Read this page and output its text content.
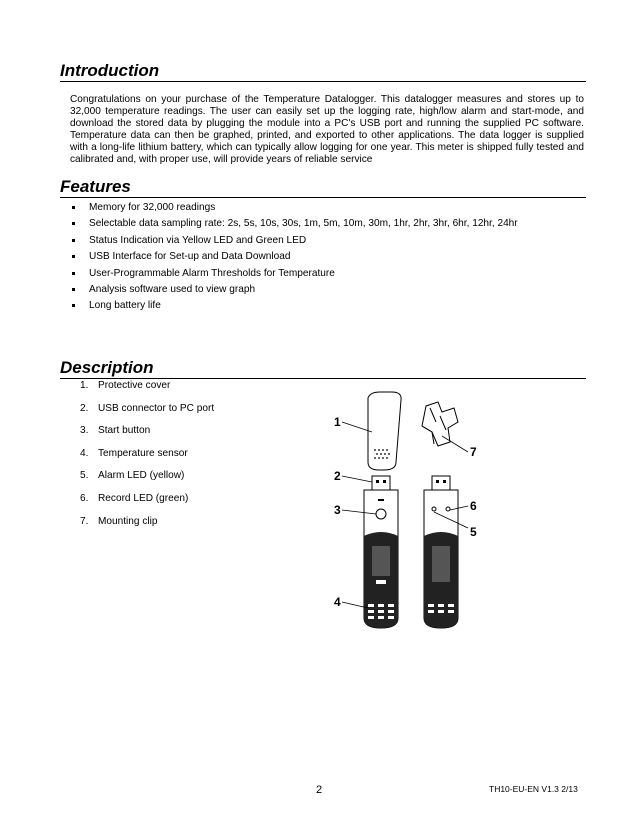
Introduction

Congratulations on your purchase of the Temperature Datalogger. This datalogger measures and stores up to 32,000 temperature readings. The user can easily set up the logging rate, high/low alarm and start-mode, and download the stored data by plugging the module into a PC's USB port and running the supplied PC software. Temperature data can then be graphed, printed, and exported to other applications. The data logger is supplied with a long-life lithium battery, which can typically allow logging for one year. This meter is shipped fully tested and calibrated and, with proper use, will provide years of reliable service

Features
Memory for 32,000 readings
Selectable data sampling rate: 2s, 5s, 10s, 30s, 1m, 5m, 10m, 30m, 1hr, 2hr, 3hr, 6hr, 12hr, 24hr
Status Indication via Yellow LED and Green LED
USB Interface for Set-up and Data Download
User-Programmable Alarm Thresholds for Temperature
Analysis software used to view graph
Long battery life
Description
1. Protective cover
2. USB connector to PC port
3. Start button
4. Temperature sensor
5. Alarm LED (yellow)
6. Record LED (green)
7. Mounting clip
1
2
3
4
5
6
7
2	TH10-EU-EN V1.3 2/13
